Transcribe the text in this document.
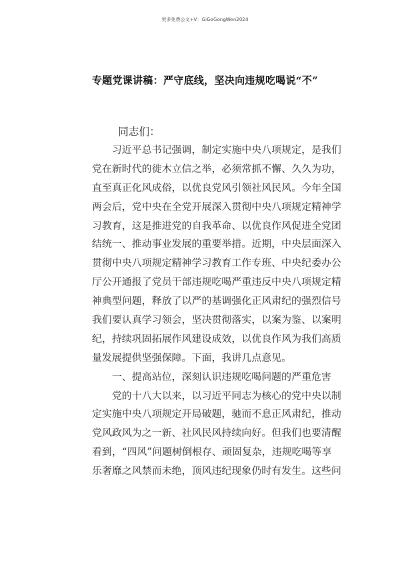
更多免费公文+V：GiGoGongWen2024
专题党课讲稿：严守底线，坚决向违规吃喝说“不”
同志们：
　　习近平总书记强调，制定实施中央八项规定，是我们
党在新时代的徙木立信之举，必须常抓不懈、久久为功，
直至真正化风成俗，以优良党风引领社风民风。今年全国
两会后，党中央在全党开展深入贯彻中央八项规定精神学
习教育，这是推进党的自我革命、以优良作风促进全党团
结统一、推动事业发展的重要举措。近期，中央层面深入
贯彻中央八项规定精神学习教育工作专班、中央纪委办公
厅公开通报了党员干部违规吃喝严重违反中央八项规定精
神典型问题，释放了以严的基调强化正风肃纪的强烈信号
我们要认真学习领会，坚决贯彻落实，以案为鉴、以案明
纪，持续巩固拓展作风建设成效，以优良作风为我们高质
量发展提供坚强保障。下面，我讲几点意见。
　　一、提高站位，深刻认识违规吃喝问题的严重危害
　　党的十八大以来，以习近平同志为核心的党中央以制
定实施中央八项规定开局破题，驰而不息正风肃纪，推动
党风政风为之一新、社风民风持续向好。但我们也要清醒
看到，“四风”问题树倒根存、顽固复杂，违规吃喝等享
乐奢靡之风禁而未绝，顶风违纪现象仍时有发生。这些问
